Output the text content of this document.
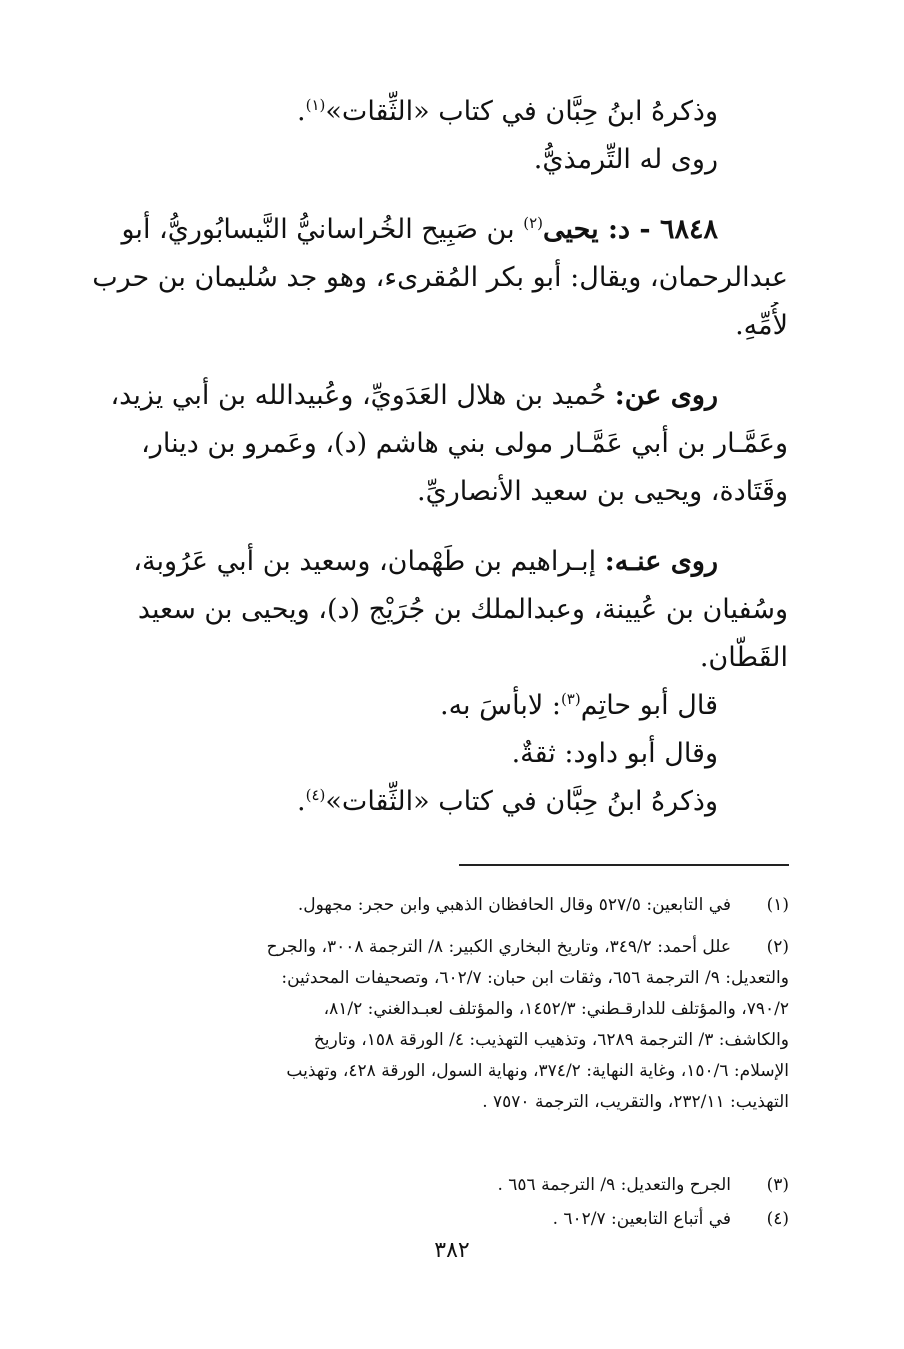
وذكرهُ ابنُ حِبَّان في كتاب «الثِّقات»$^{(١)}$.
روى له التِّرمذيُّ.
٦٨٤٨ - د: يحيى$^{(٢)}$ بن صَبِيح الخُراسانيُّ النَّيسابُوريُّ، أبو
عبدالرحمان، ويقال: أبو بكر المُقرىء، وهو جد سُليمان بن حرب
لأُمِّهِ.
روى عن: حُميد بن هلال العَدَويِّ، وعُبيدالله بن أبي يزيد،
وعَمَّـار بن أبي عَمَّـار مولى بني هاشم (د)، وعَمرو بن دينار،
وقَتَادة، ويحيى بن سعيد الأنصاريِّ.
روى عنـه: إبـراهيم بن طَهْمان، وسعيد بن أبي عَرُوبة،
وسُفيان بن عُيينة، وعبدالملك بن جُرَيْج (د)، ويحيى بن سعيد
القَطّان.
قال أبو حاتِم$^{(٣)}$: لابأسَ به.
وقال أبو داود: ثقةٌ.
وذكرهُ ابنُ حِبَّان في كتاب «الثِّقات»$^{(٤)}$.
(١)في التابعين: ٥٢٧/٥ وقال الحافظان الذهبي وابن حجر: مجهول.
(٢)علل أحمد: ٣٤٩/٢، وتاريخ البخاري الكبير: ٨/ الترجمة ٣٠٠٨، والجرح
والتعديل: ٩/ الترجمة ٦٥٦، وثقات ابن حبان: ٦٠٢/٧، وتصحيفات المحدثين:
٧٩٠/٢، والمؤتلف للدارقـطني: ١٤٥٢/٣، والمؤتلف لعبـدالغني: ٨١/٢،
والكاشف: ٣/ الترجمة ٦٢٨٩، وتذهيب التهذيب: ٤/ الورقة ١٥٨، وتاريخ
الإسلام: ١٥٠/٦، وغاية النهاية: ٣٧٤/٢، ونهاية السول، الورقة ٤٢٨، وتهذيب
التهذيب: ٢٣٢/١١، والتقريب، الترجمة ٧٥٧٠ .
(٣)الجرح والتعديل: ٩/ الترجمة ٦٥٦ .
(٤)في أتباع التابعين: ٦٠٢/٧ .
٣٨٢
